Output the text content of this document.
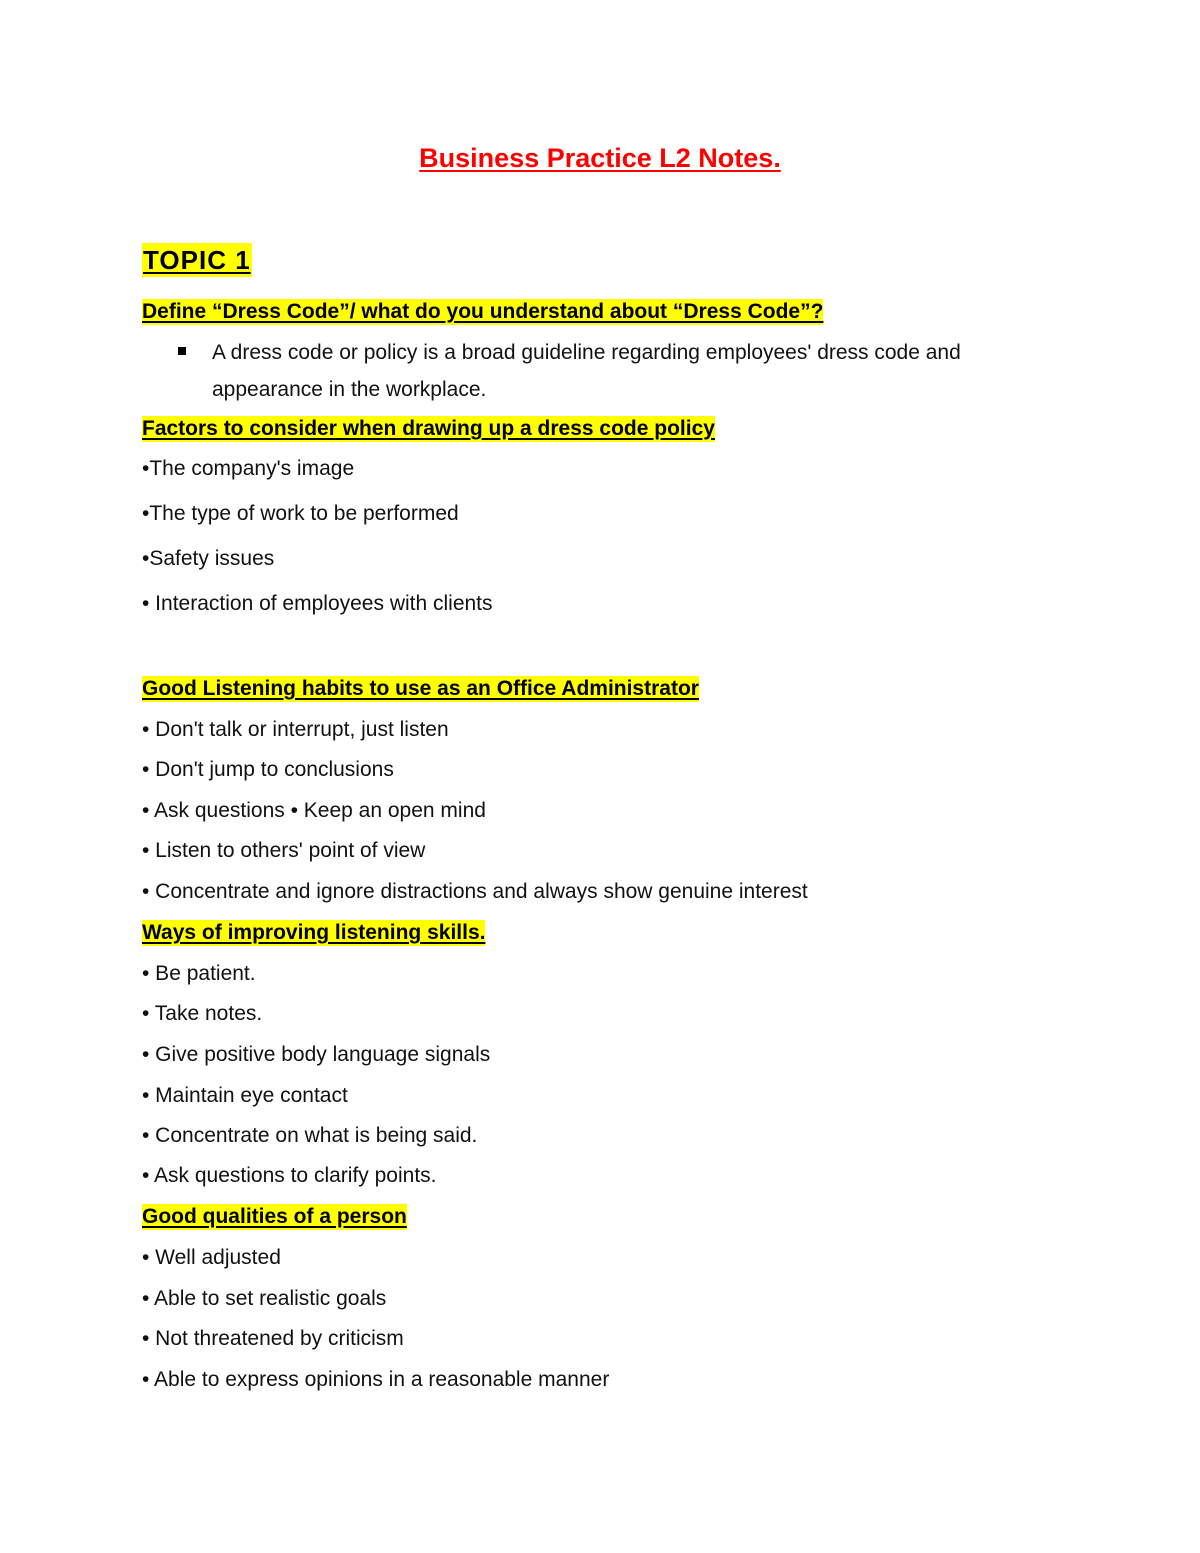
Business Practice L2 Notes.
TOPIC 1
Define “Dress Code”/ what do you understand about “Dress Code”?
A dress code or policy is a broad guideline regarding employees' dress code and
appearance in the workplace.
Factors to consider when drawing up a dress code policy
•The company's image
•The type of work to be performed
•Safety issues
• Interaction of employees with clients
Good Listening habits to use as an Office Administrator
• Don't talk or interrupt, just listen
• Don't jump to conclusions
• Ask questions • Keep an open mind
• Listen to others' point of view
• Concentrate and ignore distractions and always show genuine interest
Ways of improving listening skills.
• Be patient.
• Take notes.
• Give positive body language signals
• Maintain eye contact
• Concentrate on what is being said.
• Ask questions to clarify points.
Good qualities of a person
• Well adjusted
• Able to set realistic goals
• Not threatened by criticism
• Able to express opinions in a reasonable manner
